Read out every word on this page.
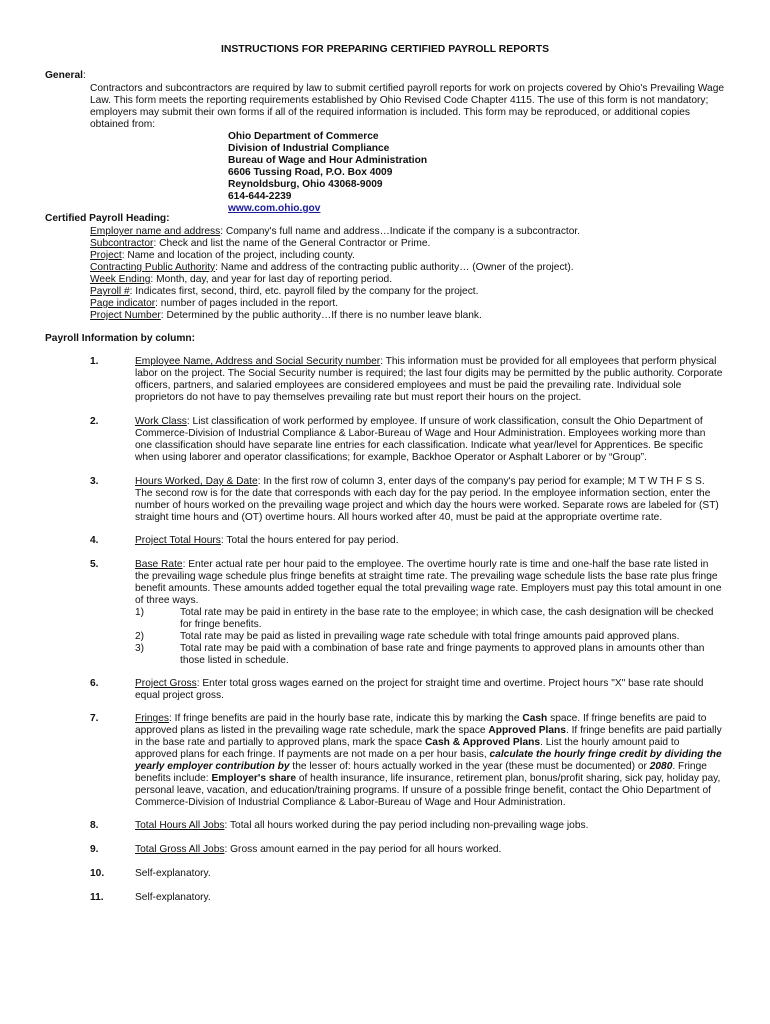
INSTRUCTIONS FOR PREPARING CERTIFIED PAYROLL REPORTS
General:
Contractors and subcontractors are required by law to submit certified payroll reports for work on projects covered by Ohio's Prevailing Wage Law. This form meets the reporting requirements established by Ohio Revised Code Chapter 4115. The use of this form is not mandatory; employers may submit their own forms if all of the required information is included. This form may be reproduced, or additional copies obtained from:
Ohio Department of Commerce
Division of Industrial Compliance
Bureau of Wage and Hour Administration
6606 Tussing Road, P.O. Box 4009
Reynoldsburg, Ohio 43068-9009
614-644-2239
www.com.ohio.gov
Certified Payroll Heading:
Employer name and address: Company's full name and address…Indicate if the company is a subcontractor.
Subcontractor: Check and list the name of the General Contractor or Prime.
Project: Name and location of the project, including county.
Contracting Public Authority: Name and address of the contracting public authority… (Owner of the project).
Week Ending: Month, day, and year for last day of reporting period.
Payroll #: Indicates first, second, third, etc. payroll filed by the company for the project.
Page indicator: number of pages included in the report.
Project Number: Determined by the public authority…If there is no number leave blank.
Payroll Information by column:
1.	Employee Name, Address and Social Security number: This information must be provided for all employees that perform physical labor on the project. The Social Security number is required; the last four digits may be permitted by the public authority. Corporate officers, partners, and salaried employees are considered employees and must be paid the prevailing rate. Individual sole proprietors do not have to pay themselves prevailing rate but must report their hours on the project.
2.	Work Class: List classification of work performed by employee. If unsure of work classification, consult the Ohio Department of Commerce-Division of Industrial Compliance & Labor-Bureau of Wage and Hour Administration. Employees working more than one classification should have separate line entries for each classification. Indicate what year/level for Apprentices. Be specific when using laborer and operator classifications; for example, Backhoe Operator or Asphalt Laborer or by “Group”.
3.	Hours Worked, Day & Date: In the first row of column 3, enter days of the company's pay period for example; M T W TH F S S. The second row is for the date that corresponds with each day for the pay period. In the employee information section, enter the number of hours worked on the prevailing wage project and which day the hours were worked. Separate rows are labeled for (ST) straight time hours and (OT) overtime hours. All hours worked after 40, must be paid at the appropriate overtime rate.
4.	Project Total Hours: Total the hours entered for pay period.
5.	Base Rate: Enter actual rate per hour paid to the employee. The overtime hourly rate is time and one-half the base rate listed in the prevailing wage schedule plus fringe benefits at straight time rate. The prevailing wage schedule lists the base rate plus fringe benefit amounts. These amounts added together equal the total prevailing wage rate. Employers must pay this total amount in one of three ways.
1)	Total rate may be paid in entirety in the base rate to the employee; in which case, the cash designation will be checked for fringe benefits.
2)	Total rate may be paid as listed in prevailing wage rate schedule with total fringe amounts paid approved plans.
3)	Total rate may be paid with a combination of base rate and fringe payments to approved plans in amounts other than those listed in schedule.
6.	Project Gross: Enter total gross wages earned on the project for straight time and overtime. Project hours "X" base rate should equal project gross.
7.	Fringes: If fringe benefits are paid in the hourly base rate, indicate this by marking the Cash space. If fringe benefits are paid to approved plans as listed in the prevailing wage rate schedule, mark the space Approved Plans. If fringe benefits are paid partially in the base rate and partially to approved plans, mark the space Cash & Approved Plans. List the hourly amount paid to approved plans for each fringe. If payments are not made on a per hour basis, calculate the hourly fringe credit by dividing the yearly employer contribution by the lesser of: hours actually worked in the year (these must be documented) or 2080. Fringe benefits include: Employer's share of health insurance, life insurance, retirement plan, bonus/profit sharing, sick pay, holiday pay, personal leave, vacation, and education/training programs. If unsure of a possible fringe benefit, contact the Ohio Department of Commerce-Division of Industrial Compliance & Labor-Bureau of Wage and Hour Administration.
8.	Total Hours All Jobs: Total all hours worked during the pay period including non-prevailing wage jobs.
9.	Total Gross All Jobs: Gross amount earned in the pay period for all hours worked.
10.	Self-explanatory.
11.	Self-explanatory.
